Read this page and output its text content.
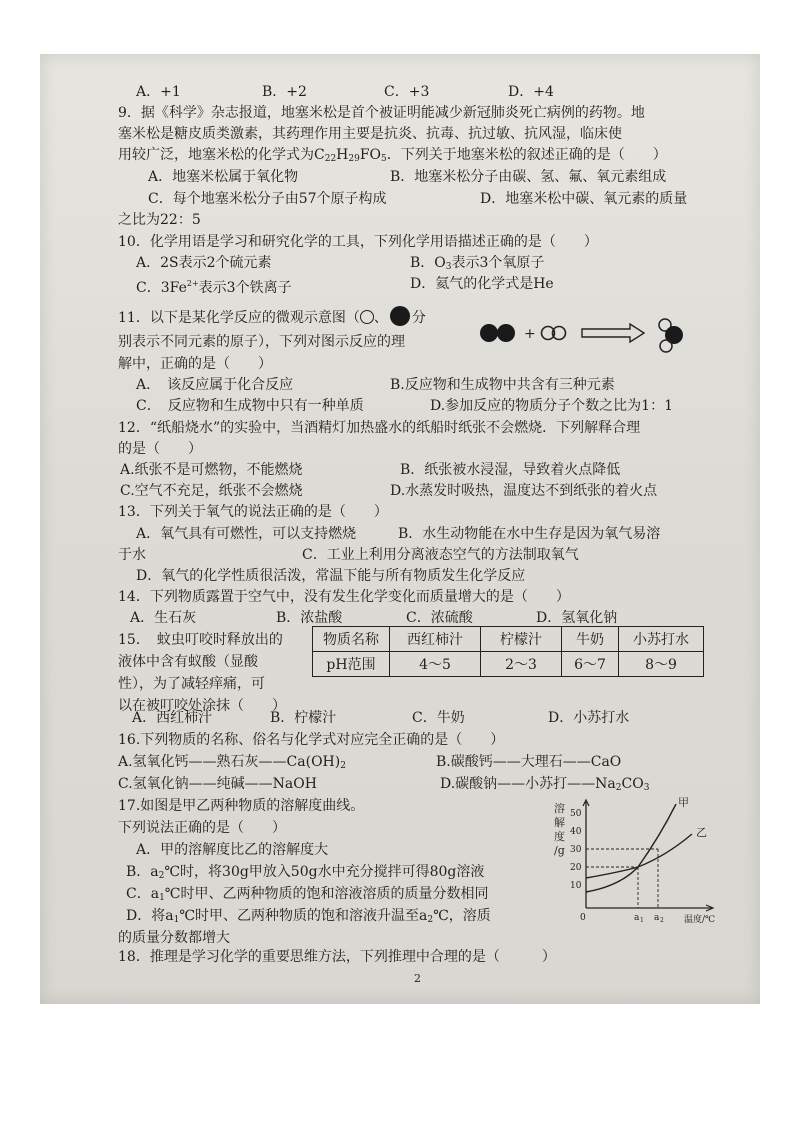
A．+1	B．+2	C．+3	D．+4
9．据《科学》杂志报道，地塞米松是首个被证明能减少新冠肺炎死亡病例的药物。地
塞米松是糖皮质类激素，其药理作用主要是抗炎、抗毒、抗过敏、抗风湿，临床使
用较广泛，地塞米松的化学式为$C_{22}H_{29}FO_5$．下列关于地塞米松的叙述正确的是（　　）
A．地塞米松属于氧化物	B．地塞米松分子由碳、氢、氟、氧元素组成
C．每个地塞米松分子由57个原子构成	D．地塞米松中碳、氧元素的质量
之比为22：5
10．化学用语是学习和研究化学的工具，下列化学用语描述正确的是（　　）
A．2S表示2个硫元素	B．$O_3$表示3个氧原子
C．$3Fe^{2+}$表示3个铁离子	D．氦气的化学式是He
11．以下是某化学反应的微观示意图（ 、 分
别表示不同元素的原子），下列对图示反应的理
解中，正确的是（　　）
+
A．　该反应属于化合反应	B.反应物和生成物中共含有三种元素
C．　反应物和生成物中只有一种单质	D.参加反应的物质分子个数之比为1：1
12．“纸船烧水”的实验中，当酒精灯加热盛水的纸船时纸张不会燃烧．下列解释合理
的是（　　）
A.纸张不是可燃物，不能燃烧	B．纸张被水浸湿，导致着火点降低
C.空气不充足，纸张不会燃烧	D.水蒸发时吸热，温度达不到纸张的着火点
13．下列关于氧气的说法正确的是（　　）
A．氧气具有可燃性，可以支持燃烧	B．水生动物能在水中生存是因为氧气易溶
于水	C．工业上利用分离液态空气的方法制取氧气
D．氧气的化学性质很活泼，常温下能与所有物质发生化学反应
14．下列物质露置于空气中，没有发生化学变化而质量增大的是（　　）
A．生石灰	B．浓盐酸	C．浓硫酸	D．氢氧化钠
15．　蚊虫叮咬时释放出的
液体中含有蚁酸（显酸
性），为了减轻痒痛，可
以在被叮咬处涂抹（　　）
物质名称	西红柿汁	柠檬汁	牛奶	小苏打水
pH范围	4～5	2～3	6～7	8～9
A．西红柿汁	B．柠檬汁	C．牛奶	D．小苏打水
16.下列物质的名称、俗名与化学式对应完全正确的是（　　）
A.氢氧化钙——熟石灰$——Ca(OH)_2$	B.碳酸钙——大理石——CaO
C.氢氧化钠——纯碱——NaOH	D.碳酸钠——小苏打$——Na_2CO_3$
17.如图是甲乙两种物质的溶解度曲线。
下列说法正确的是（　　）
A．甲的溶解度比乙的溶解度大
B．$a_2℃$时，将30g甲放入50g水中充分搅拌可得80g溶液
C．$a_1℃$时甲、乙两种物质的饱和溶液溶质的质量分数相同
D．将$a_1℃$时甲、乙两种物质的饱和溶液升温至$a_2℃$，溶质
的质量分数都增大
溶
解
度
/g
50
40
30
20
10
0	a 1 a 2 温度/℃
甲
乙
18．推理是学习化学的重要思维方法，下列推理中合理的是（　　　）
2
